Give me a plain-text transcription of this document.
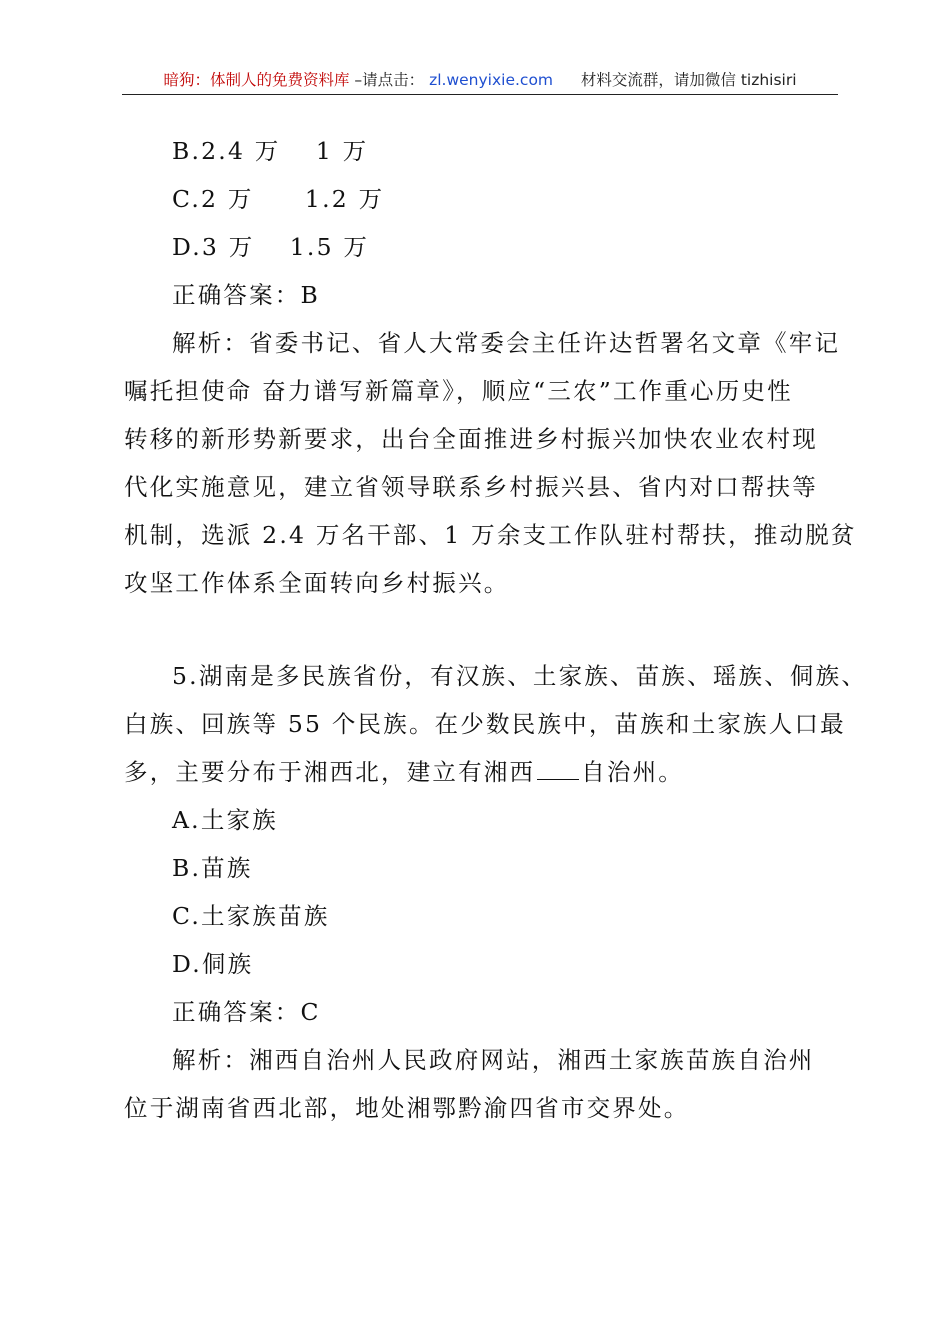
暗狗：体制人的免费资料库 –请点击： zl.wenyixie.com 材料交流群，请加微信 tizhisiri
B.2.4 万　 1 万
C.2 万　　1.2 万
D.3 万　 1.5 万
正确答案：B
解析：省委书记、省人大常委会主任许达哲署名文章《牢记
嘱托担使命 奋力谱写新篇章》，顺应“三农”工作重心历史性
转移的新形势新要求，出台全面推进乡村振兴加快农业农村现
代化实施意见，建立省领导联系乡村振兴县、省内对口帮扶等
机制，选派 2.4 万名干部、1 万余支工作队驻村帮扶，推动脱贫
攻坚工作体系全面转向乡村振兴。
5.湖南是多民族省份，有汉族、土家族、苗族、瑶族、侗族、
白族、回族等 55 个民族。在少数民族中，苗族和土家族人口最
多，主要分布于湘西北，建立有湘西 自治州。
A.土家族
B.苗族
C.土家族苗族
D.侗族
正确答案：C
解析：湘西自治州人民政府网站，湘西土家族苗族自治州
位于湖南省西北部，地处湘鄂黔渝四省市交界处。
